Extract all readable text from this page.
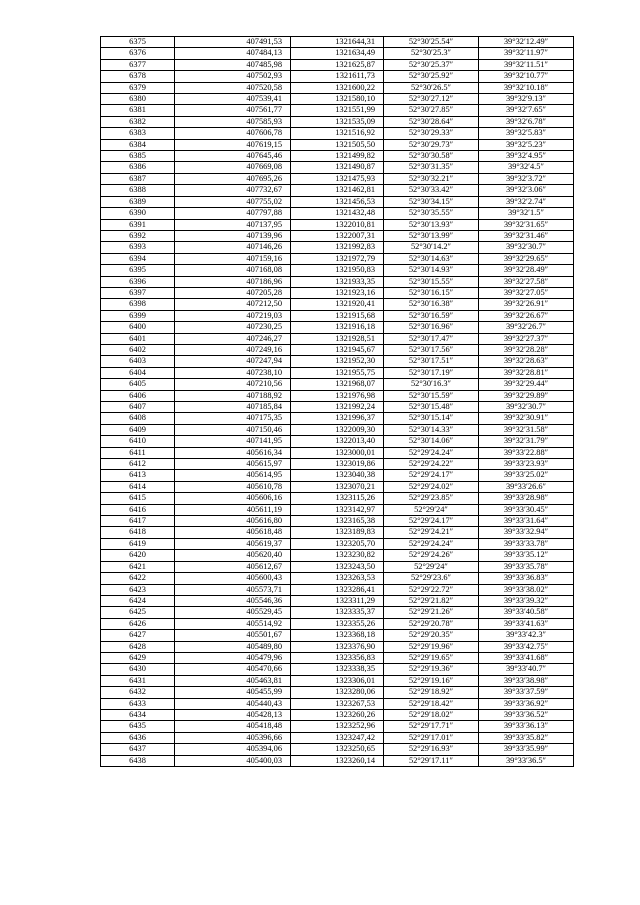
6375	407491,53	1321644,31	52°30′25.54″	39°32′12.49″
6376	407484,13	1321634,49	52°30′25.3″	39°32′11.97″
6377	407485,98	1321625,87	52°30′25.37″	39°32′11.51″
6378	407502,93	1321611,73	52°30′25.92″	39°32′10.77″
6379	407520,58	1321600,22	52°30′26.5″	39°32′10.18″
6380	407539,41	1321580,10	52°30′27.12″	39°32′9.13″
6381	407561,77	1321551,99	52°30′27.85″	39°32′7.65″
6382	407585,93	1321535,09	52°30′28.64″	39°32′6.78″
6383	407606,78	1321516,92	52°30′29.33″	39°32′5.83″
6384	407619,15	1321505,50	52°30′29.73″	39°32′5.23″
6385	407645,46	1321499,82	52°30′30.58″	39°32′4.95″
6386	407669,08	1321490,87	52°30′31.35″	39°32′4.5″
6387	407695,26	1321475,93	52°30′32.21″	39°32′3.72″
6388	407732,67	1321462,81	52°30′33.42″	39°32′3.06″
6389	407755,02	1321456,53	52°30′34.15″	39°32′2.74″
6390	407797,88	1321432,48	52°30′35.55″	39°32′1.5″
6391	407137,95	1322010,81	52°30′13.93″	39°32′31.65″
6392	407139,96	1322007,31	52°30′13.99″	39°32′31.46″
6393	407146,26	1321992,83	52°30′14.2″	39°32′30.7″
6394	407159,16	1321972,79	52°30′14.63″	39°32′29.65″
6395	407168,08	1321950,83	52°30′14.93″	39°32′28.49″
6396	407186,96	1321933,35	52°30′15.55″	39°32′27.58″
6397	407205,28	1321923,16	52°30′16.15″	39°32′27.05″
6398	407212,50	1321920,41	52°30′16.38″	39°32′26.91″
6399	407219,03	1321915,68	52°30′16.59″	39°32′26.67″
6400	407230,25	1321916,18	52°30′16.96″	39°32′26.7″
6401	407246,27	1321928,51	52°30′17.47″	39°32′27.37″
6402	407249,16	1321945,67	52°30′17.56″	39°32′28.28″
6403	407247,94	1321952,30	52°30′17.51″	39°32′28.63″
6404	407238,10	1321955,75	52°30′17.19″	39°32′28.81″
6405	407210,56	1321968,07	52°30′16.3″	39°32′29.44″
6406	407188,92	1321976,98	52°30′15.59″	39°32′29.89″
6407	407185,84	1321992,24	52°30′15.48″	39°32′30.7″
6408	407175,35	1321996,37	52°30′15.14″	39°32′30.91″
6409	407150,46	1322009,30	52°30′14.33″	39°32′31.58″
6410	407141,95	1322013,40	52°30′14.06″	39°32′31.79″
6411	405616,34	1323000,01	52°29′24.24″	39°33′22.88″
6412	405615,97	1323019,86	52°29′24.22″	39°33′23.93″
6413	405614,95	1323040,38	52°29′24.17″	39°33′25.02″
6414	405610,78	1323070,21	52°29′24.02″	39°33′26.6″
6415	405606,16	1323115,26	52°29′23.85″	39°33′28.98″
6416	405611,19	1323142,97	52°29′24″	39°33′30.45″
6417	405616,80	1323165,38	52°29′24.17″	39°33′31.64″
6418	405618,48	1323189,83	52°29′24.21″	39°33′32.94″
6419	405619,37	1323205,70	52°29′24.24″	39°33′33.78″
6420	405620,40	1323230,82	52°29′24.26″	39°33′35.12″
6421	405612,67	1323243,50	52°29′24″	39°33′35.78″
6422	405600,43	1323263,53	52°29′23.6″	39°33′36.83″
6423	405573,71	1323286,41	52°29′22.72″	39°33′38.02″
6424	405546,36	1323311,29	52°29′21.82″	39°33′39.32″
6425	405529,45	1323335,37	52°29′21.26″	39°33′40.58″
6426	405514,92	1323355,26	52°29′20.78″	39°33′41.63″
6427	405501,67	1323368,18	52°29′20.35″	39°33′42.3″
6428	405489,80	1323376,90	52°29′19.96″	39°33′42.75″
6429	405479,96	1323356,83	52°29′19.65″	39°33′41.68″
6430	405470,66	1323338,35	52°29′19.36″	39°33′40.7″
6431	405463,81	1323306,01	52°29′19.16″	39°33′38.98″
6432	405455,99	1323280,06	52°29′18.92″	39°33′37.59″
6433	405440,43	1323267,53	52°29′18.42″	39°33′36.92″
6434	405428,13	1323260,26	52°29′18.02″	39°33′36.52″
6435	405418,48	1323252,96	52°29′17.71″	39°33′36.13″
6436	405396,66	1323247,42	52°29′17.01″	39°33′35.82″
6437	405394,06	1323250,65	52°29′16.93″	39°33′35.99″
6438	405400,03	1323260,14	52°29′17.11″	39°33′36.5″
